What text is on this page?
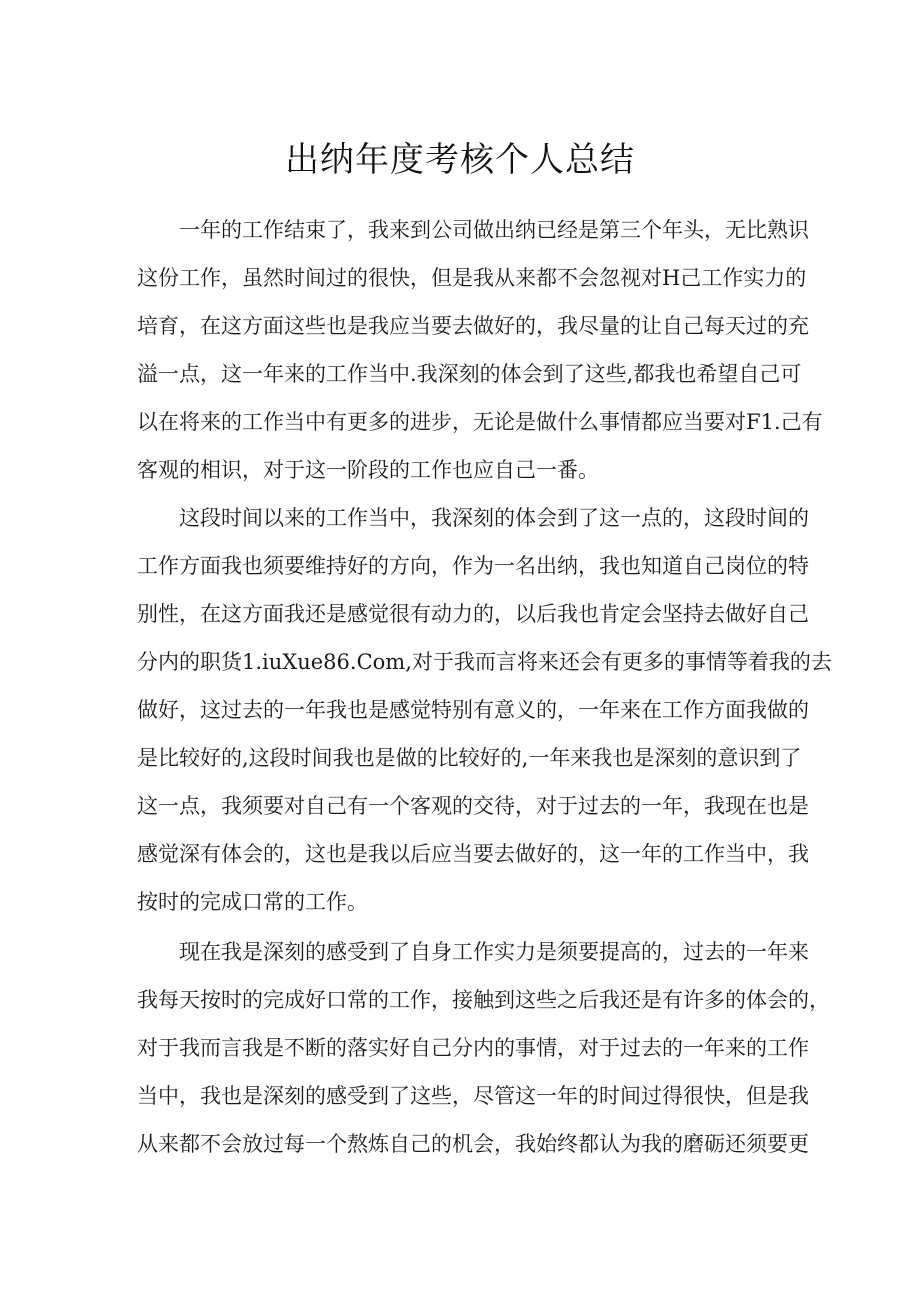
出纳年度考核个人总结

一年的工作结束了，我来到公司做出纳已经是第三个年头，无比熟识

这份工作，虽然时间过的很快，但是我从来都不会忽视对H己工作实力的

培育，在这方面这些也是我应当要去做好的，我尽量的让自己每天过的充

溢一点，这一年来的工作当中.我深刻的体会到了这些,都我也希望自己可

以在将来的工作当中有更多的进步，无论是做什么事情都应当要对F1.己有

客观的相识，对于这一阶段的工作也应自己一番。

这段时间以来的工作当中，我深刻的体会到了这一点的，这段时间的

工作方面我也须要维持好的方向，作为一名出纳，我也知道自己岗位的特

别性，在这方面我还是感觉很有动力的，以后我也肯定会坚持去做好自己

分内的职货1.iuXue86.Com,对于我而言将来还会有更多的事情等着我的去

做好，这过去的一年我也是感觉特别有意义的，一年来在工作方面我做的

是比较好的,这段时间我也是做的比较好的,一年来我也是深刻的意识到了

这一点，我须要对自己有一个客观的交待，对于过去的一年，我现在也是

感觉深有体会的，这也是我以后应当要去做好的，这一年的工作当中，我

按时的完成口常的工作。

现在我是深刻的感受到了自身工作实力是须要提高的，过去的一年来

我每天按时的完成好口常的工作，接触到这些之后我还是有许多的体会的，

对于我而言我是不断的落实好自己分内的事情，对于过去的一年来的工作

当中，我也是深刻的感受到了这些，尽管这一年的时间过得很快，但是我

从来都不会放过每一个熬炼自己的机会，我始终都认为我的磨砺还须要更
